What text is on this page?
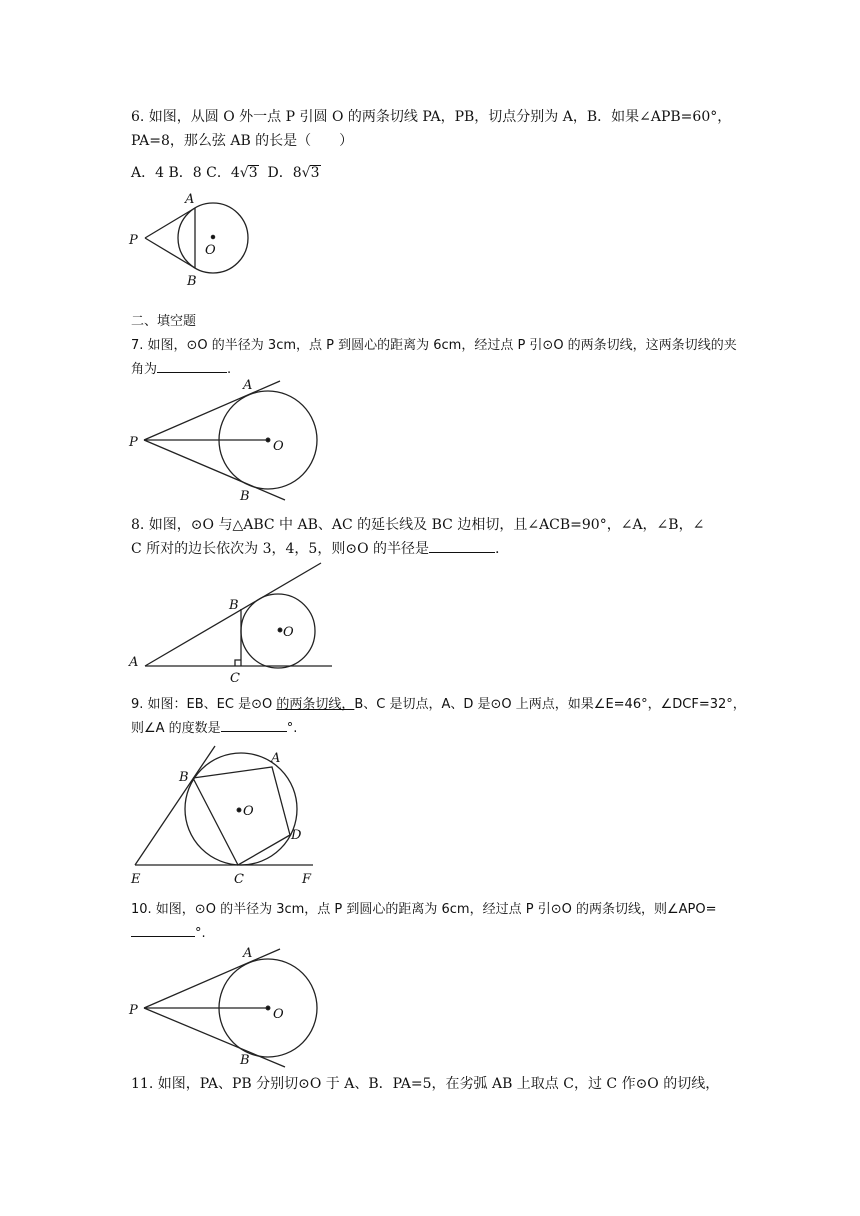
6. 如图，从圆 O 外一点 P 引圆 O 的两条切线 PA，PB，切点分别为 A，B．如果∠APB=60°，
PA=8，那么弦 AB 的长是（　　）
A．4 B．8 C．4√3 D．8√3
A
B
P
O
二、填空题
7. 如图，⊙O 的半径为 3cm，点 P 到圆心的距离为 6cm，经过点 P 引⊙O 的两条切线，这两条切线的夹
角为	.
A
B
P	O
8. 如图，⊙O 与△ABC 中 AB、AC 的延长线及 BC 边相切，且∠ACB=90°，∠A，∠B，∠
C 所对的边长依次为 3，4，5，则⊙O 的半径是	.
A
B
C
O
9. 如图：EB、EC 是⊙O 的两条切线，B、C 是切点，A、D 是⊙O 上两点，如果∠E=46°，∠DCF=32°，
则∠A 的度数是	°.
B
A
D
C
E	F
O
10. 如图，⊙O 的半径为 3cm，点 P 到圆心的距离为 6cm，经过点 P 引⊙O 的两条切线，则∠APO=
°.
A
B
P	O
11. 如图，PA、PB 分别切⊙O 于 A、B．PA=5，在劣弧 AB 上取点 C，过 C 作⊙O 的切线，
